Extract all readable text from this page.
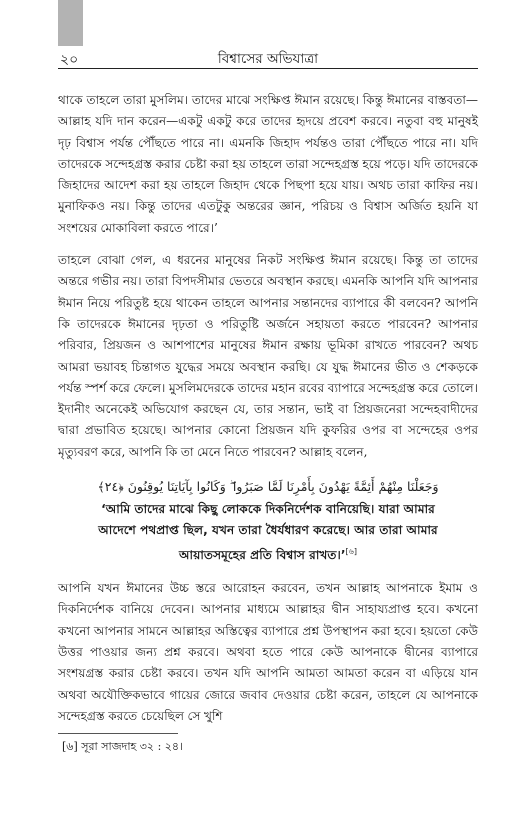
২০	বিশ্বাসের অভিযাত্রা

থাকে তাহলে তারা মুসলিম। তাদের মাঝে সংক্ষিপ্ত ঈমান রয়েছে। কিন্তু ঈমানের বাস্তবতা—আল্লাহ যদি দান করেন—একটু একটু করে তাদের হৃদয়ে প্রবেশ করবে। নতুবা বহু মানুষই দৃঢ় বিশ্বাস পর্যন্ত পৌঁছতে পারে না। এমনকি জিহাদ পর্যন্তও তারা পৌঁছতে পারে না। যদি তাদেরকে সন্দেহগ্রস্ত করার চেষ্টা করা হয় তাহলে তারা সন্দেহগ্রস্ত হয়ে পড়ে। যদি তাদেরকে জিহাদের আদেশ করা হয় তাহলে জিহাদ থেকে পিছপা হয়ে যায়। অথচ তারা কাফির নয়। মুনাফিকও নয়। কিন্তু তাদের এতটুকু অন্তরের জ্ঞান, পরিচয় ও বিশ্বাস অর্জিত হয়নি যা সংশয়ের মোকাবিলা করতে পারে।’

তাহলে বোঝা গেল, এ ধরনের মানুষের নিকট সংক্ষিপ্ত ঈমান রয়েছে। কিন্তু তা তাদের অন্তরে গভীর নয়। তারা বিপদসীমার ভেতরে অবস্থান করছে। এমনকি আপনি যদি আপনার ঈমান নিয়ে পরিতুষ্ট হয়ে থাকেন তাহলে আপনার সন্তানদের ব্যাপারে কী বলবেন? আপনি কি তাদেরকে ঈমানের দৃঢ়তা ও পরিতুষ্টি অর্জনে সহায়তা করতে পারবেন? আপনার পরিবার, প্রিয়জন ও আশপাশের মানুষের ঈমান রক্ষায় ভূমিকা রাখতে পারবেন? অথচ আমরা ভয়াবহ চিন্তাগত যুদ্ধের সময়ে অবস্থান করছি। যে যুদ্ধ ঈমানের ভীত ও শেকড়কে পর্যন্ত স্পর্শ করে ফেলে। মুসলিমদেরকে তাদের মহান রবের ব্যাপারে সন্দেহগ্রস্ত করে তোলে। ইদানীং অনেকেই অভিযোগ করছেন যে, তার সন্তান, ভাই বা প্রিয়জনেরা সন্দেহবাদীদের দ্বারা প্রভাবিত হয়েছে। আপনার কোনো প্রিয়জন যদি কুফরির ওপর বা সন্দেহের ওপর মৃত্যুবরণ করে, আপনি কি তা মেনে নিতে পারবেন? আল্লাহ বলেন,

وَجَعَلْنَا مِنْهُمْ أَئِمَّةً يَهْدُونَ بِأَمْرِنَا لَمَّا صَبَرُوا ۖ وَكَانُوا بِآيَاتِنَا يُوقِنُونَ ﴿٢٤﴾

‘আমি তাদের মাঝে কিছু লোককে দিকনির্দেশক বানিয়েছি। যারা আমার
আদেশে পথপ্রাপ্ত ছিল, যখন তারা ধৈর্যধারণ করেছে। আর তারা আমার
আয়াতসমূহের প্রতি বিশ্বাস রাখত।’[৬]

আপনি যখন ঈমানের উচ্চ স্তরে আরোহন করবেন, তখন আল্লাহ আপনাকে ইমাম ও দিকনির্দেশক বানিয়ে দেবেন। আপনার মাধ্যমে আল্লাহর দ্বীন সাহায্যপ্রাপ্ত হবে। কখনো কখনো আপনার সামনে আল্লাহর অস্তিত্বের ব্যাপারে প্রশ্ন উপস্থাপন করা হবে। হয়তো কেউ উত্তর পাওয়ার জন্য প্রশ্ন করবে। অথবা হতে পারে কেউ আপনাকে দ্বীনের ব্যাপারে সংশয়গ্রস্ত করার চেষ্টা করবে। তখন যদি আপনি আমতা আমতা করেন বা এড়িয়ে যান অথবা অযৌক্তিকভাবে গায়ের জোরে জবাব দেওয়ার চেষ্টা করেন, তাহলে যে আপনাকে সন্দেহগ্রস্ত করতে চেয়েছিল সে খুশি

[৬] সূরা সাজদাহ ৩২ : ২৪।
